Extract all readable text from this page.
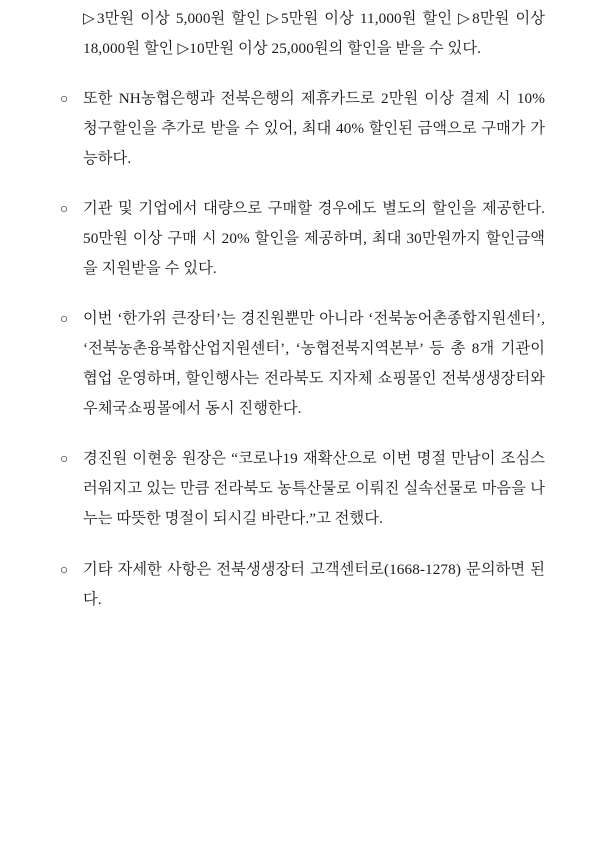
▷3만원 이상 5,000원 할인 ▷5만원 이상 11,000원 할인 ▷8만원 이상 18,000원 할인 ▷10만원 이상 25,000원의 할인을 받을 수 있다.

○ 또한 NH농협은행과 전북은행의 제휴카드로 2만원 이상 결제 시 10% 청구할인을 추가로 받을 수 있어, 최대 40% 할인된 금액으로 구매가 가능하다.
○ 기관 및 기업에서 대량으로 구매할 경우에도 별도의 할인을 제공한다. 50만원 이상 구매 시 20% 할인을 제공하며, 최대 30만원까지 할인금액을 지원받을 수 있다.
○ 이번 ‘한가위 큰장터’는 경진원뿐만 아니라 ‘전북농어촌종합지원센터’, ‘전북농촌융복합산업지원센터’, ‘농협전북지역본부’ 등 총 8개 기관이 협업 운영하며, 할인행사는 전라북도 지자체 쇼핑몰인 전북생생장터와 우체국쇼핑몰에서 동시 진행한다.
○ 경진원 이현웅 원장은 “코로나19 재확산으로 이번 명절 만남이 조심스러워지고 있는 만큼 전라북도 농특산물로 이뤄진 실속선물로 마음을 나누는 따뜻한 명절이 되시길 바란다.”고 전했다.
○ 기타 자세한 사항은 전북생생장터 고객센터로(1668-1278) 문의하면 된다.
